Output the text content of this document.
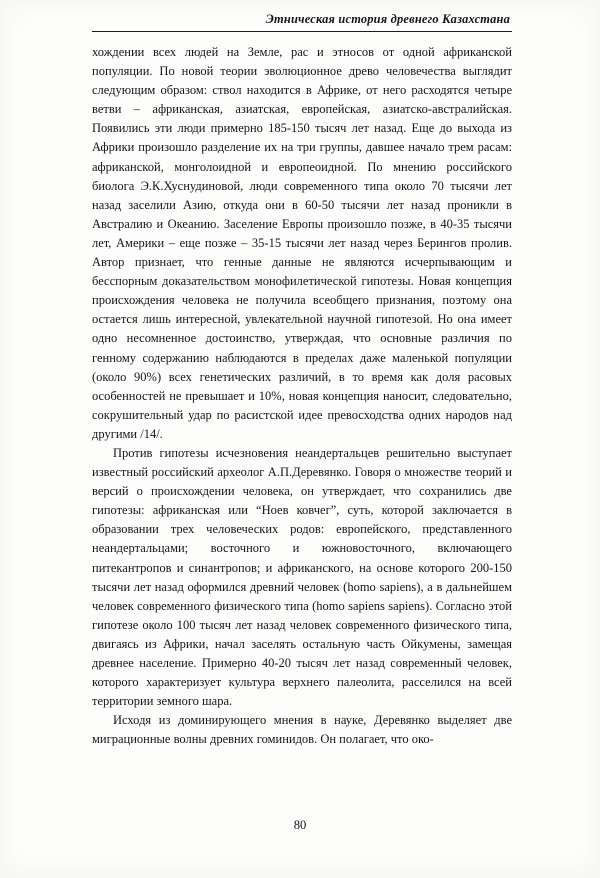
Этническая история древнего Казахстана

хождении всех людей на Земле, рас и этносов от одной африканской популяции. По новой теории эволюционное древо человечества выглядит следующим образом: ствол находится в Африке, от него расходятся четыре ветви – африканская, азиатская, европейская, азиатско-австралийская. Появились эти люди примерно 185-150 тысяч лет назад. Еще до выхода из Африки произошло разделение их на три группы, давшее начало трем расам: африканской, монголоидной и европеоидной. По мнению российского биолога Э.К.Хуснудиновой, люди современного типа около 70 тысячи лет назад заселили Азию, откуда они в 60-50 тысячи лет назад проникли в Австралию и Океанию. Заселение Европы произошло позже, в 40-35 тысячи лет, Америки – еще позже – 35-15 тысячи лет назад через Берингов пролив. Автор признает, что генные данные не являются исчерпывающим и бесспорным доказательством монофилетической гипотезы. Новая концепция происхождения человека не получила всеобщего признания, поэтому она остается лишь интересной, увлекательной научной гипотезой. Но она имеет одно несомненное достоинство, утверждая, что основные различия по генному содержанию наблюдаются в пределах даже маленькой популяции (около 90%) всех генетических различий, в то время как доля расовых особенностей не превышает и 10%, новая концепция наносит, следовательно, сокрушительный удар по расистской идее превосходства одних народов над другими /14/.

Против гипотезы исчезновения неандертальцев решительно выступает известный российский археолог А.П.Деревянко. Говоря о множестве теорий и версий о происхождении человека, он утверждает, что сохранились две гипотезы: африканская или “Ноев ковчег”, суть, которой заключается в образовании трех человеческих родов: европейского, представленного неандертальцами; восточного и южновосточного, включающего питекантропов и синантропов; и африканского, на основе которого 200-150 тысячи лет назад оформился древний человек (homo sapiens), а в дальнейшем человек современного физического типа (homo sapiens sapiens). Согласно этой гипотезе около 100 тысяч лет назад человек современного физического типа, двигаясь из Африки, начал заселять остальную часть Ойкумены, замещая древнее население. Примерно 40-20 тысяч лет назад современный человек, которого характеризует культура верхнего палеолита, расселился на всей территории земного шара.

Исходя из доминирующего мнения в науке, Деревянко выделяет две миграционные волны древних гоминидов. Он полагает, что око-

80
